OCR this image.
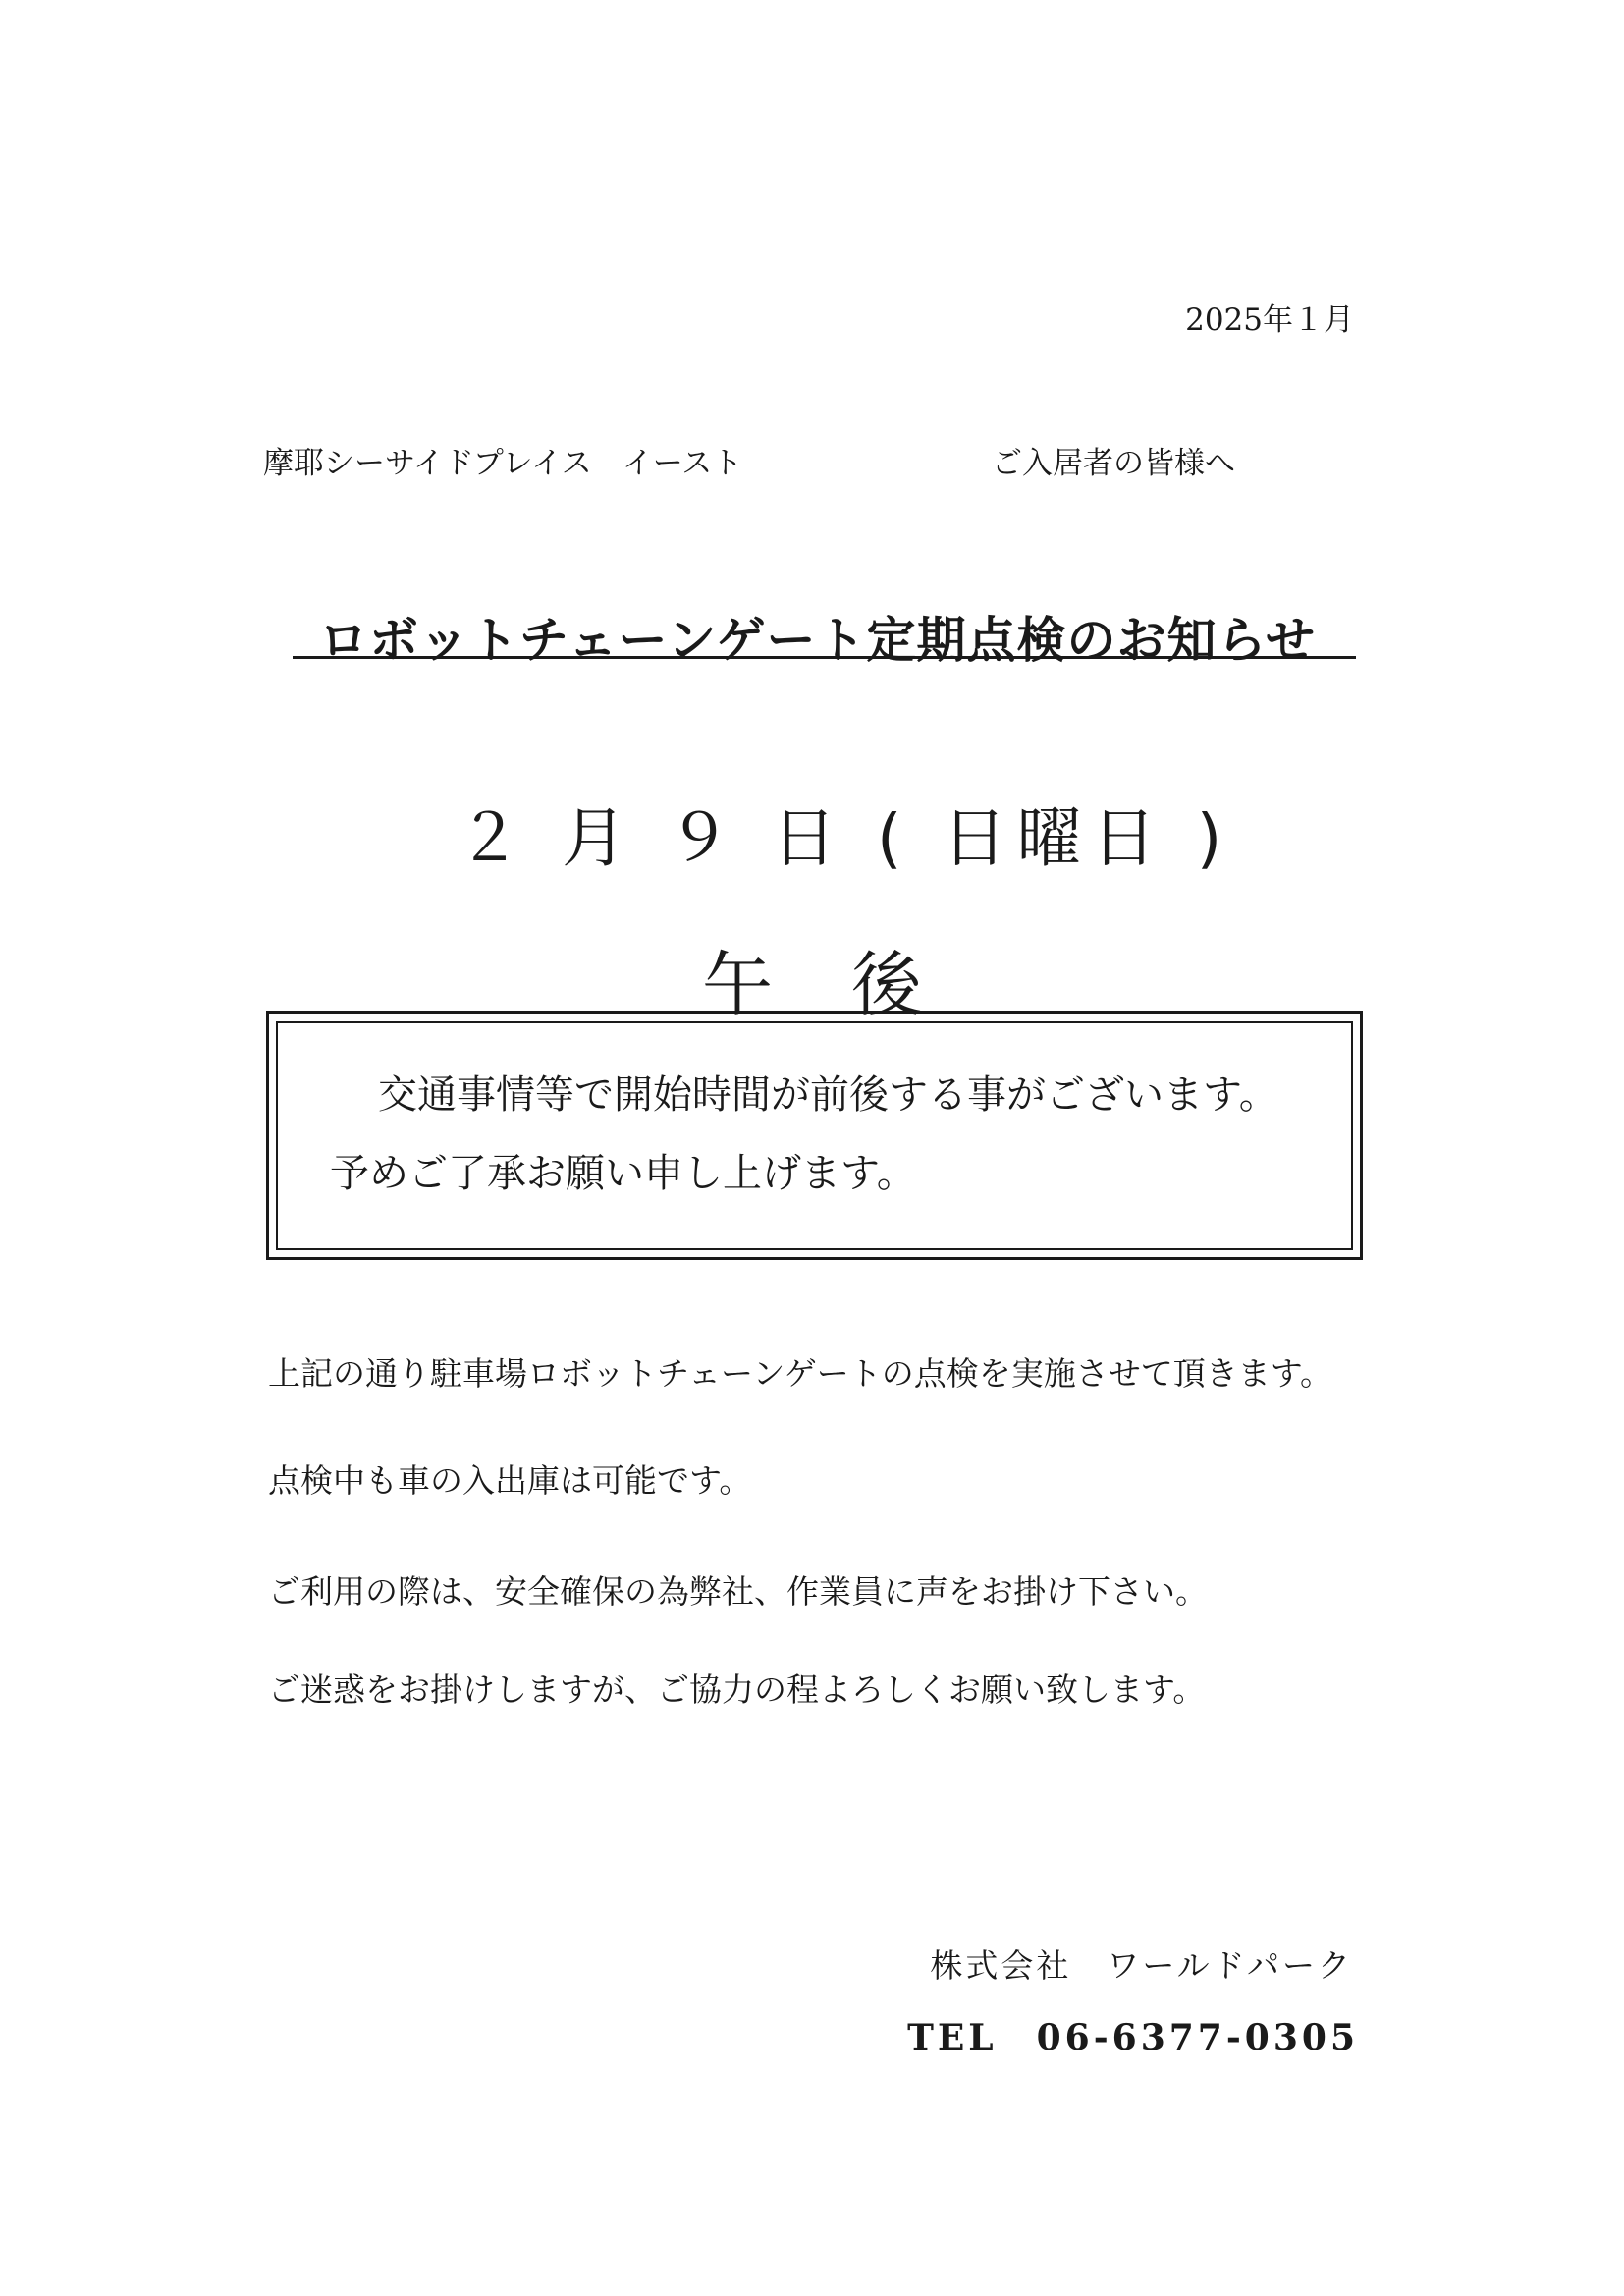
2025年１月
摩耶シーサイドプレイス　イースト	ご入居者の皆様へ
ロボットチェーンゲート定期点検のお知らせ
２ 月 ９ 日 ( 日曜日 )
午後
交通事情等で開始時間が前後する事がございます。
予めご了承お願い申し上げます。
上記の通り駐車場ロボットチェーンゲートの点検を実施させて頂きます。
点検中も車の入出庫は可能です。
ご利用の際は、安全確保の為弊社、作業員に声をお掛け下さい。
ご迷惑をお掛けしますが、ご協力の程よろしくお願い致します。
株式会社　ワールドパーク
TEL　06-6377-0305
